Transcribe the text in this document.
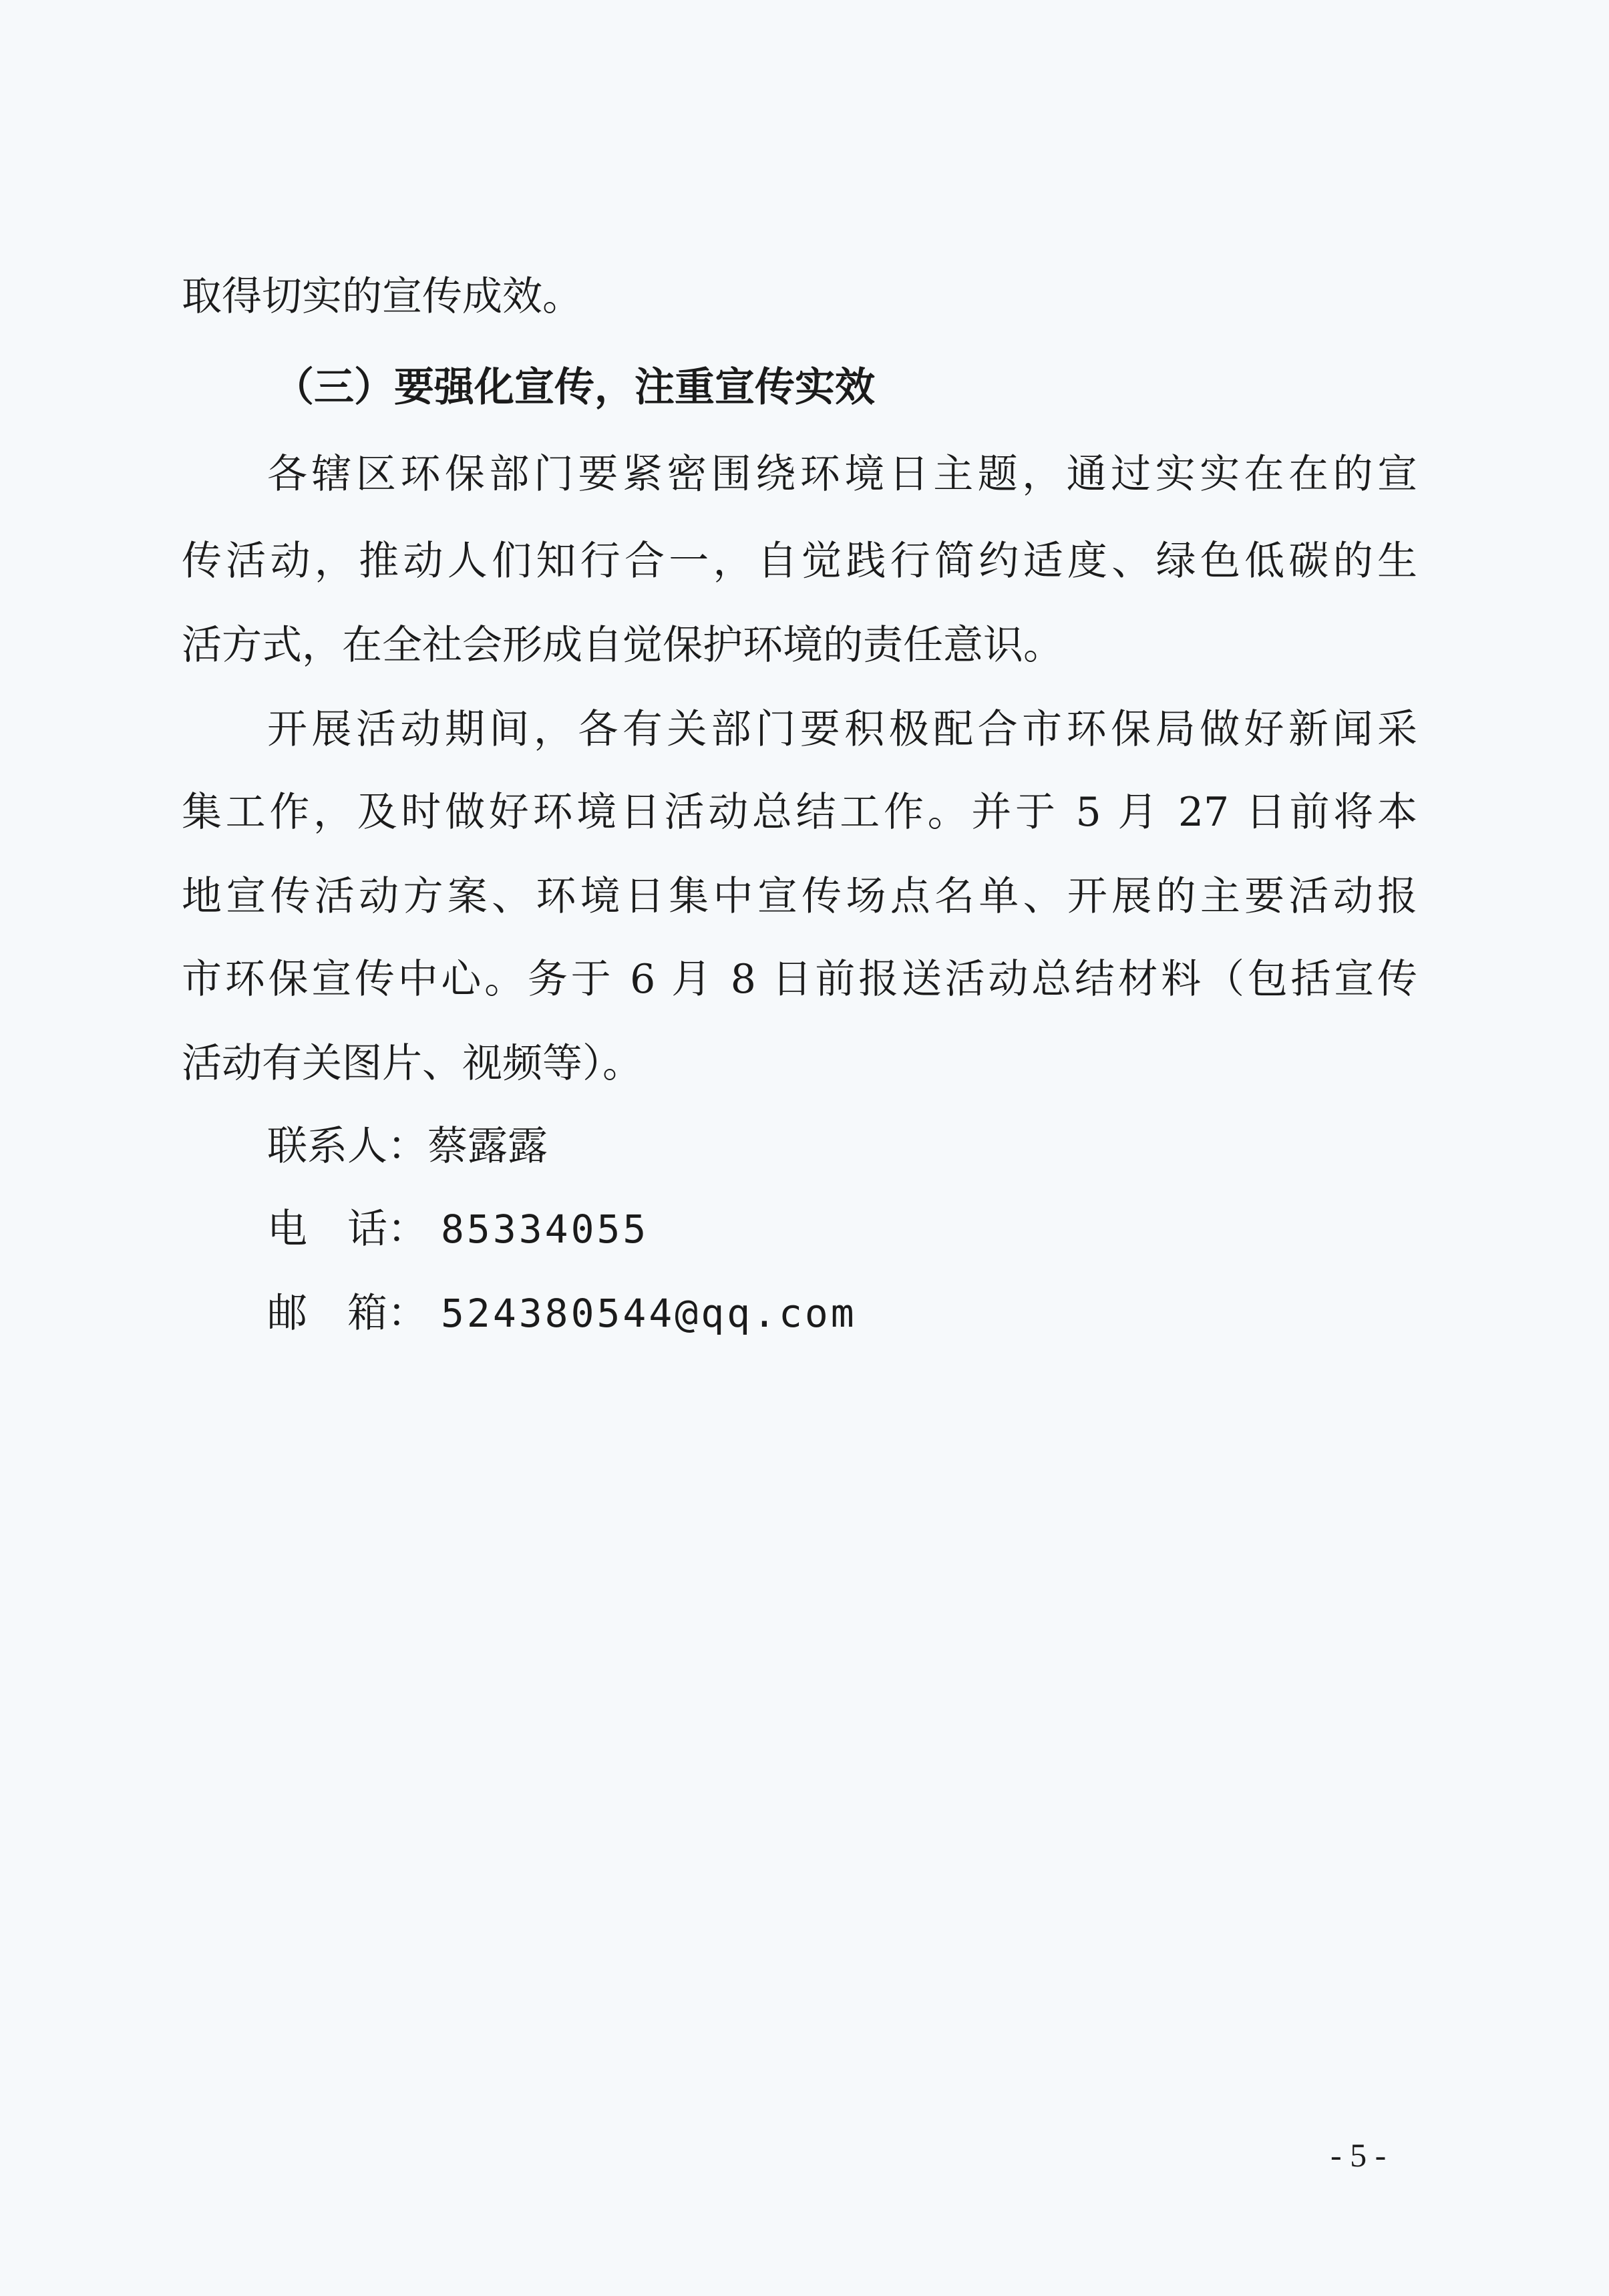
取得切实的宣传成效。

（三）要强化宣传，注重宣传实效

各辖区环保部门要紧密围绕环境日主题，通过实实在在的宣

传活动，推动人们知行合一，自觉践行简约适度、绿色低碳的生

活方式，在全社会形成自觉保护环境的责任意识。

开展活动期间，各有关部门要积极配合市环保局做好新闻采

集工作，及时做好环境日活动总结工作。并于 5 月 27 日前将本

地宣传活动方案、环境日集中宣传场点名单、开展的主要活动报

市环保宣传中心。务于 6 月 8 日前报送活动总结材料（包括宣传

活动有关图片、视频等）。

联系人：蔡露露
电　话： 85334055
邮　箱： 524380544@qq.com
- 5 -
